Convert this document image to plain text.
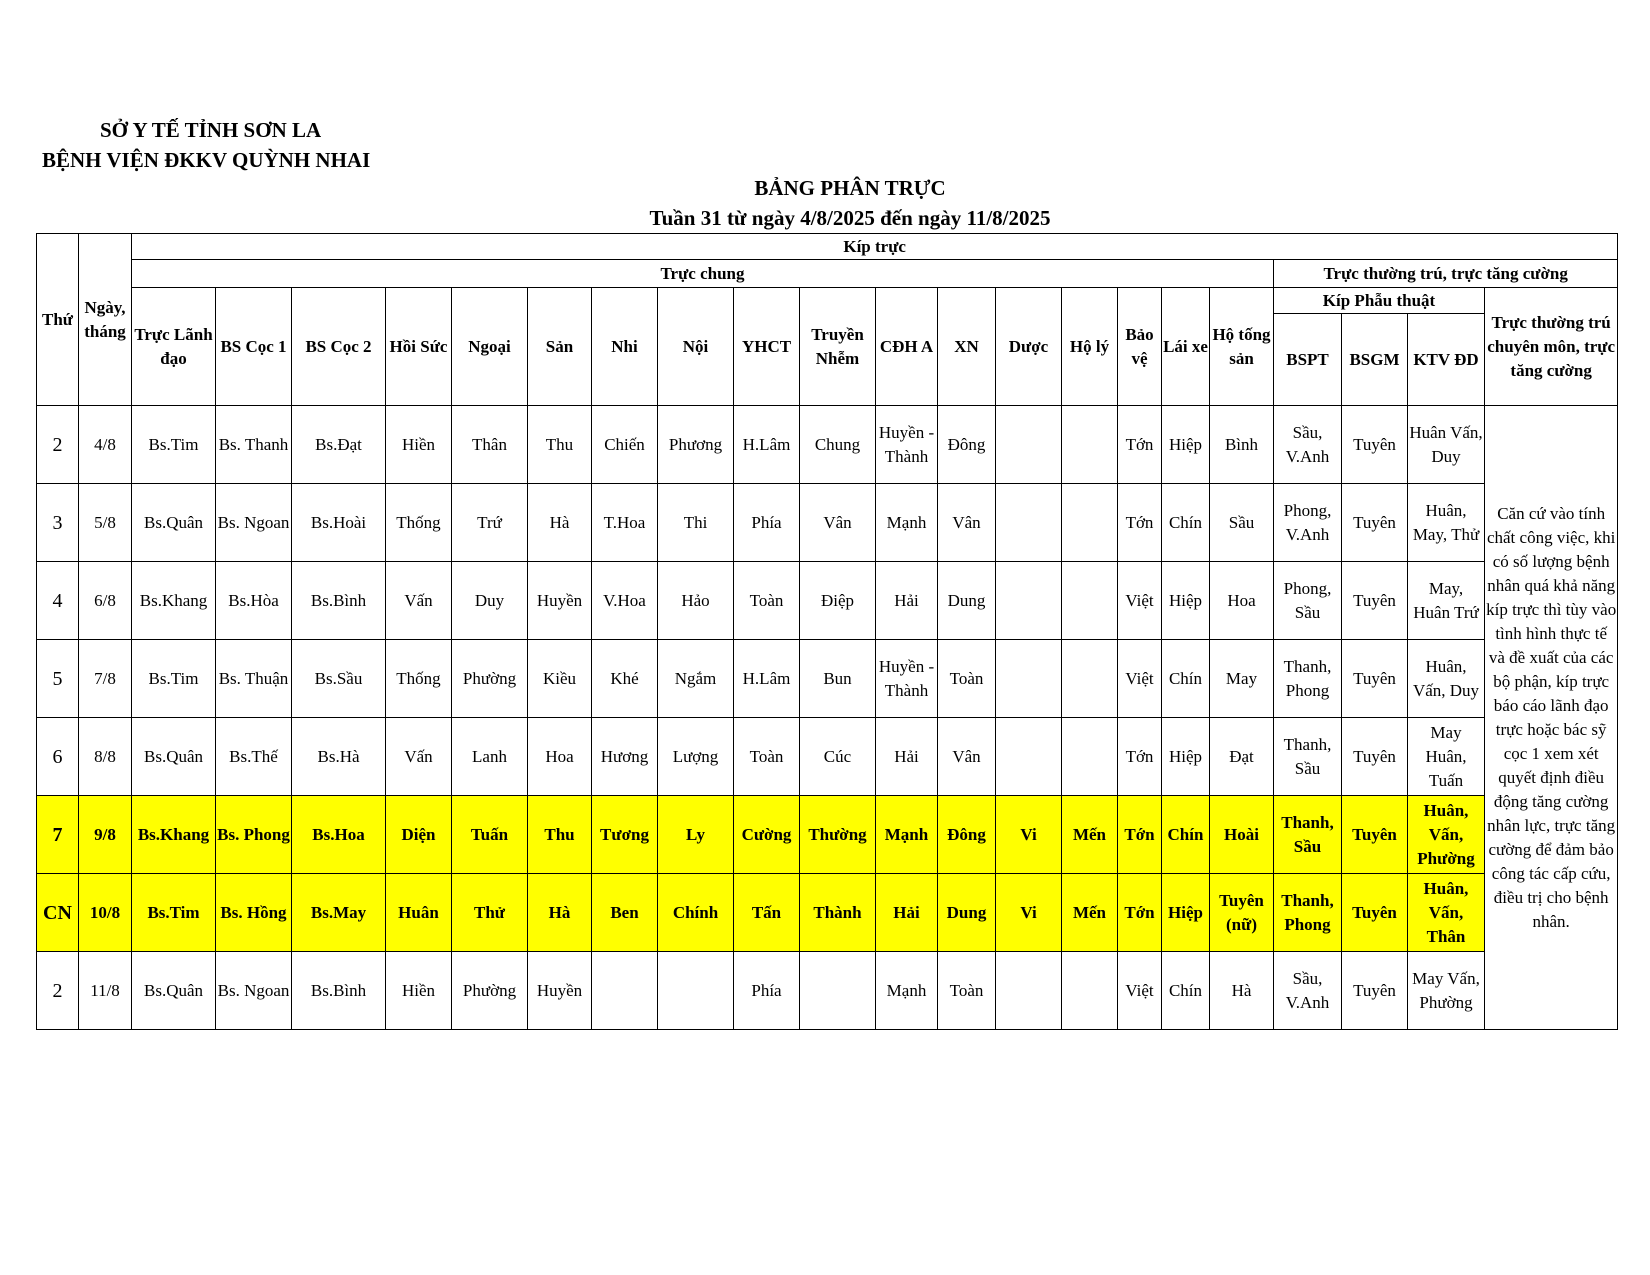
SỞ Y TẾ TỈNH SƠN LA
BỆNH VIỆN ĐKKV QUỲNH NHAI
BẢNG PHÂN TRỰC
Tuần 31 từ ngày 4/8/2025 đến ngày 11/8/2025
Thứ	Ngày, tháng	Kíp trực																				
		Trực chung																	Trực thường trú, trực tăng cường			
		Trực Lãnh đạo	BS Cọc 1	BS Cọc 2	Hồi Sức	Ngoại	Sản	Nhi	Nội	YHCT	Truyền Nhễm	CĐH A	XN	Dược	Hộ lý	Bảo vệ	Lái xe	Hộ tống sản	Kíp Phẫu thuật			Trực thường trú chuyên môn, trực tăng cường
																			BSPT	BSGM	KTV ĐD	
2	4/8	Bs.Tim	Bs. Thanh	Bs.Đạt	Hiền	Thân	Thu	Chiến	Phương	H.Lâm	Chung	Huyền - Thành	Đông			Tớn	Hiệp	Bình	Sầu, V.Anh	Tuyên	Huân Vấn, Duy	Căn cứ vào tính chất công việc, khi có số lượng bệnh nhân quá khả năng kíp trực thì tùy vào tình hình thực tế và đề xuất của các bộ phận, kíp trực báo cáo lãnh đạo trực hoặc bác sỹ cọc 1 xem xét quyết định điều động tăng cường nhân lực, trực tăng cường để đảm bảo công tác cấp cứu, điều trị cho bệnh nhân.
3	5/8	Bs.Quân	Bs. Ngoan	Bs.Hoài	Thống	Trứ	Hà	T.Hoa	Thi	Phía	Vân	Mạnh	Vân			Tớn	Chín	Sầu	Phong, V.Anh	Tuyên	Huân, May, Thử	
4	6/8	Bs.Khang	Bs.Hòa	Bs.Bình	Vấn	Duy	Huyền	V.Hoa	Hảo	Toàn	Điệp	Hải	Dung			Việt	Hiệp	Hoa	Phong, Sầu	Tuyên	May, Huân Trứ	
5	7/8	Bs.Tim	Bs. Thuận	Bs.Sầu	Thống	Phường	Kiều	Khé	Ngắm	H.Lâm	Bun	Huyền - Thành	Toàn			Việt	Chín	May	Thanh, Phong	Tuyên	Huân, Vấn, Duy	
6	8/8	Bs.Quân	Bs.Thế	Bs.Hà	Vấn	Lanh	Hoa	Hương	Lượng	Toàn	Cúc	Hải	Vân			Tớn	Hiệp	Đạt	Thanh, Sầu	Tuyên	May Huân, Tuấn	
7	9/8	Bs.Khang	Bs. Phong	Bs.Hoa	Diện	Tuấn	Thu	Tương	Ly	Cường	Thường	Mạnh	Đông	Vi	Mến	Tớn	Chín	Hoài	Thanh, Sầu	Tuyên	Huân, Vấn, Phường	
CN	10/8	Bs.Tim	Bs. Hồng	Bs.May	Huân	Thử	Hà	Ben	Chính	Tấn	Thành	Hải	Dung	Vi	Mến	Tớn	Hiệp	Tuyên (nữ)	Thanh, Phong	Tuyên	Huân, Vấn, Thân	
2	11/8	Bs.Quân	Bs. Ngoan	Bs.Bình	Hiền	Phường	Huyền			Phía		Mạnh	Toàn			Việt	Chín	Hà	Sầu, V.Anh	Tuyên	May Vấn, Phường	
